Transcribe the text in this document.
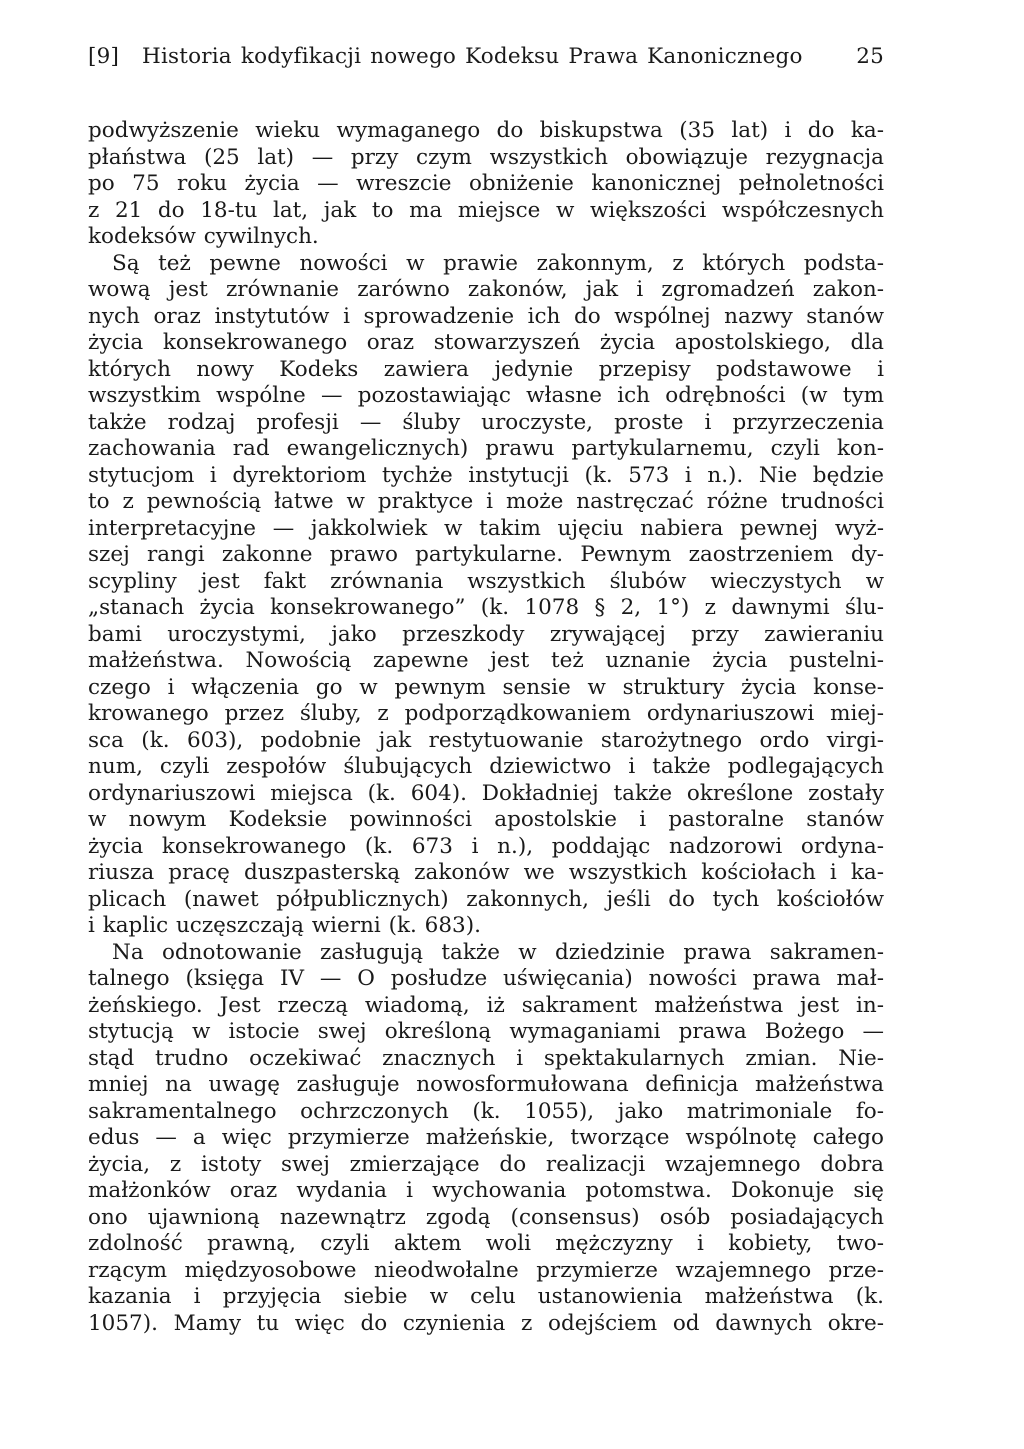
[9]	Historia kodyfikacji nowego Kodeksu Prawa Kanonicznego	25
podwyższenie wieku wymaganego do biskupstwa (35 lat) i do ka-
płaństwa (25 lat) — przy czym wszystkich obowiązuje rezygnacja
po 75 roku życia — wreszcie obniżenie kanonicznej pełnoletności
z 21 do 18-tu lat, jak to ma miejsce w większości współczesnych
kodeksów cywilnych.
Są też pewne nowości w prawie zakonnym, z których podsta-
wową jest zrównanie zarówno zakonów, jak i zgromadzeń zakon-
nych oraz instytutów i sprowadzenie ich do wspólnej nazwy stanów
życia konsekrowanego oraz stowarzyszeń życia apostolskiego, dla
których nowy Kodeks zawiera jedynie przepisy podstawowe i
wszystkim wspólne — pozostawiając własne ich odrębności (w tym
także rodzaj profesji — śluby uroczyste, proste i przyrzeczenia
zachowania rad ewangelicznych) prawu partykularnemu, czyli kon-
stytucjom i dyrektoriom tychże instytucji (k. 573 i n.). Nie będzie
to z pewnością łatwe w praktyce i może nastręczać różne trudności
interpretacyjne — jakkolwiek w takim ujęciu nabiera pewnej wyż-
szej rangi zakonne prawo partykularne. Pewnym zaostrzeniem dy-
scypliny jest fakt zrównania wszystkich ślubów wieczystych w
„stanach życia konsekrowanego” (k. 1078 § 2, 1°) z dawnymi ślu-
bami uroczystymi, jako przeszkody zrywającej przy zawieraniu
małżeństwa. Nowością zapewne jest też uznanie życia pustelni-
czego i włączenia go w pewnym sensie w struktury życia konse-
krowanego przez śluby, z podporządkowaniem ordynariuszowi miej-
sca (k. 603), podobnie jak restytuowanie starożytnego ordo virgi-
num, czyli zespołów ślubujących dziewictwo i także podlegających
ordynariuszowi miejsca (k. 604). Dokładniej także określone zostały
w nowym Kodeksie powinności apostolskie i pastoralne stanów
życia konsekrowanego (k. 673 i n.), poddając nadzorowi ordyna-
riusza pracę duszpasterską zakonów we wszystkich kościołach i ka-
plicach (nawet półpublicznych) zakonnych, jeśli do tych kościołów
i kaplic uczęszczają wierni (k. 683).
Na odnotowanie zasługują także w dziedzinie prawa sakramen-
talnego (księga IV — O posłudze uświęcania) nowości prawa mał-
żeńskiego. Jest rzeczą wiadomą, iż sakrament małżeństwa jest in-
stytucją w istocie swej określoną wymaganiami prawa Bożego —
stąd trudno oczekiwać znacznych i spektakularnych zmian. Nie-
mniej na uwagę zasługuje nowosformułowana definicja małżeństwa
sakramentalnego ochrzczonych (k. 1055), jako matrimoniale fo-
edus — a więc przymierze małżeńskie, tworzące wspólnotę całego
życia, z istoty swej zmierzające do realizacji wzajemnego dobra
małżonków oraz wydania i wychowania potomstwa. Dokonuje się
ono ujawnioną nazewnątrz zgodą (consensus) osób posiadających
zdolność prawną, czyli aktem woli mężczyzny i kobiety, two-
rzącym międzyosobowe nieodwołalne przymierze wzajemnego prze-
kazania i przyjęcia siebie w celu ustanowienia małżeństwa (k.
1057). Mamy tu więc do czynienia z odejściem od dawnych okre-
